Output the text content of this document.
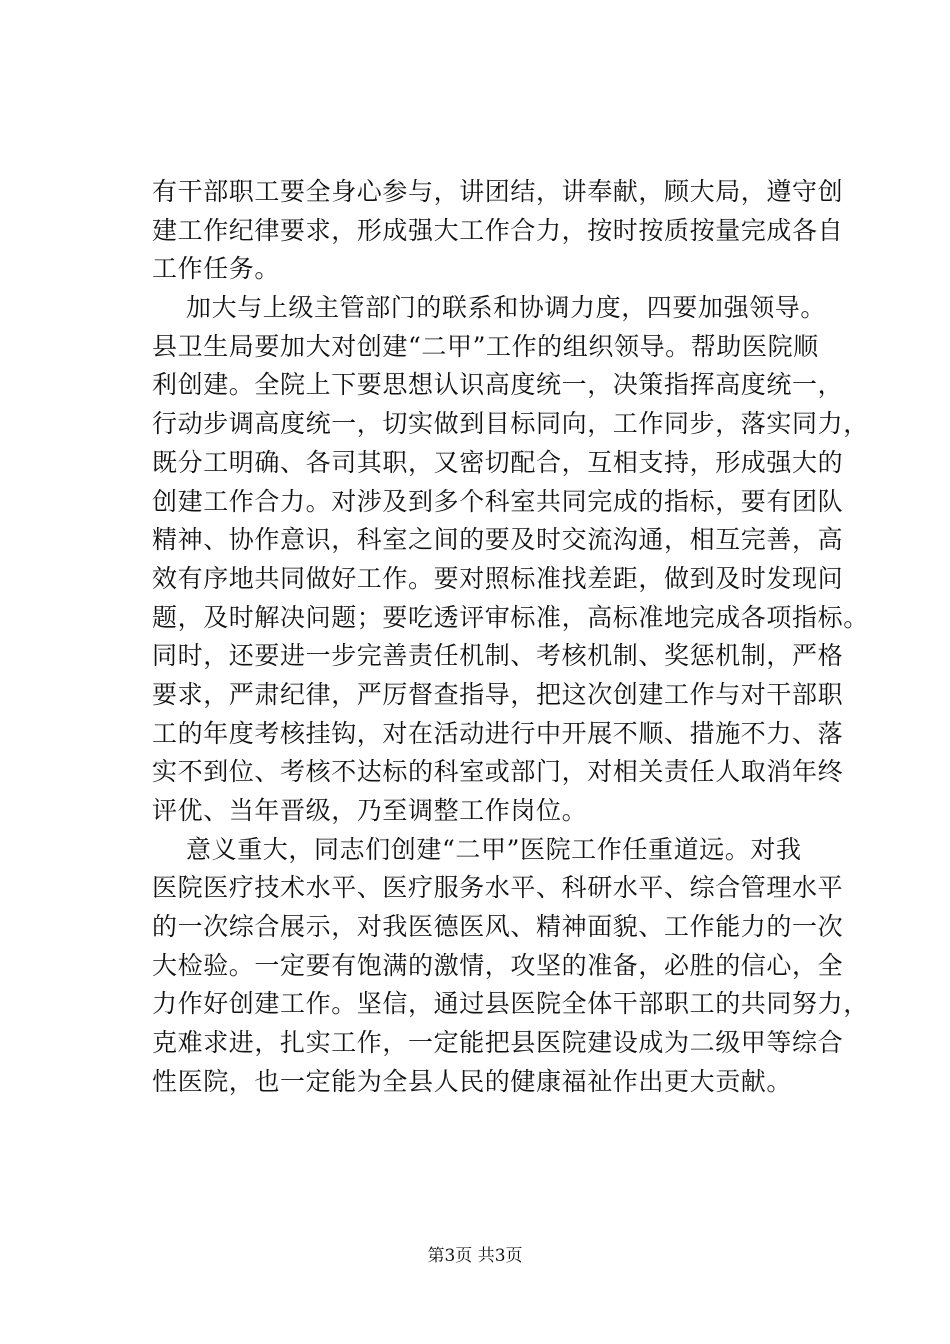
有干部职工要全身心参与，讲团结，讲奉献，顾大局，遵守创
建工作纪律要求，形成强大工作合力，按时按质按量完成各自
工作任务。
加大与上级主管部门的联系和协调力度，四要加强领导。
县卫生局要加大对创建“二甲”工作的组织领导。帮助医院顺
利创建。全院上下要思想认识高度统一，决策指挥高度统一，
行动步调高度统一，切实做到目标同向，工作同步，落实同力，
既分工明确、各司其职，又密切配合，互相支持，形成强大的
创建工作合力。对涉及到多个科室共同完成的指标，要有团队
精神、协作意识，科室之间的要及时交流沟通，相互完善，高
效有序地共同做好工作。要对照标准找差距，做到及时发现问
题，及时解决问题；要吃透评审标准，高标准地完成各项指标。
同时，还要进一步完善责任机制、考核机制、奖惩机制，严格
要求，严肃纪律，严厉督查指导，把这次创建工作与对干部职
工的年度考核挂钩，对在活动进行中开展不顺、措施不力、落
实不到位、考核不达标的科室或部门，对相关责任人取消年终
评优、当年晋级，乃至调整工作岗位。
意义重大，同志们创建“二甲”医院工作任重道远。对我
医院医疗技术水平、医疗服务水平、科研水平、综合管理水平
的一次综合展示，对我医德医风、精神面貌、工作能力的一次
大检验。一定要有饱满的激情，攻坚的准备，必胜的信心，全
力作好创建工作。坚信，通过县医院全体干部职工的共同努力，
克难求进，扎实工作，一定能把县医院建设成为二级甲等综合
性医院，也一定能为全县人民的健康福祉作出更大贡献。
第3页 共3页
